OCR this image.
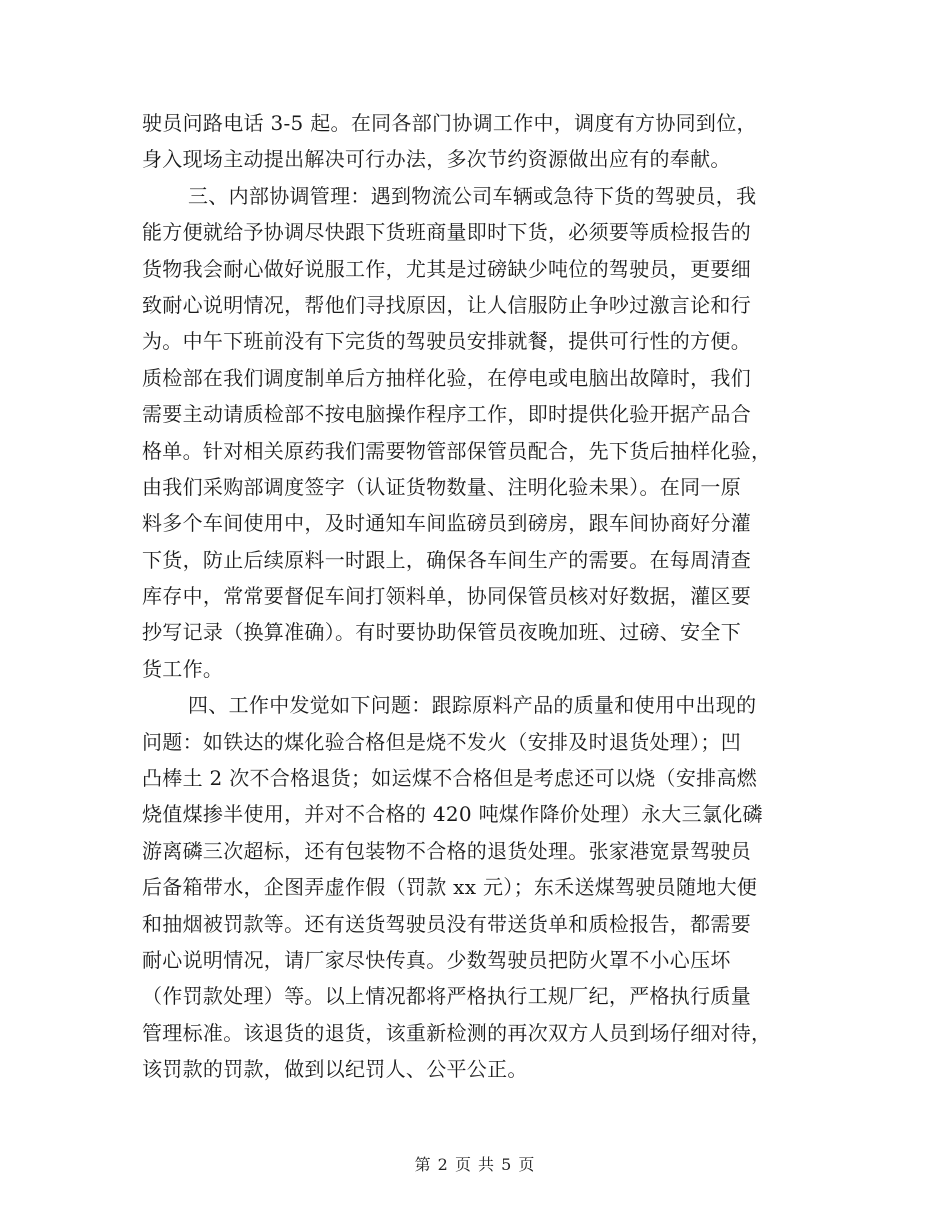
驶员问路电话 3-5 起。在同各部门协调工作中，调度有方协同到位，
身入现场主动提出解决可行办法，多次节约资源做出应有的奉献。
三、内部协调管理：遇到物流公司车辆或急待下货的驾驶员，我
能方便就给予协调尽快跟下货班商量即时下货，必须要等质检报告的
货物我会耐心做好说服工作，尤其是过磅缺少吨位的驾驶员，更要细
致耐心说明情况，帮他们寻找原因，让人信服防止争吵过激言论和行
为。中午下班前没有下完货的驾驶员安排就餐，提供可行性的方便。
质检部在我们调度制单后方抽样化验，在停电或电脑出故障时，我们
需要主动请质检部不按电脑操作程序工作，即时提供化验开据产品合
格单。针对相关原药我们需要物管部保管员配合，先下货后抽样化验，
由我们采购部调度签字（认证货物数量、注明化验未果）。在同一原
料多个车间使用中，及时通知车间监磅员到磅房，跟车间协商好分灌
下货，防止后续原料一时跟上，确保各车间生产的需要。在每周清查
库存中，常常要督促车间打领料单，协同保管员核对好数据，灌区要
抄写记录（换算准确）。有时要协助保管员夜晚加班、过磅、安全下
货工作。
四、工作中发觉如下问题：跟踪原料产品的质量和使用中出现的
问题：如铁达的煤化验合格但是烧不发火（安排及时退货处理）；凹
凸棒土 2 次不合格退货；如运煤不合格但是考虑还可以烧（安排高燃
烧值煤掺半使用，并对不合格的 420 吨煤作降价处理）永大三氯化磷
游离磷三次超标，还有包装物不合格的退货处理。张家港宽景驾驶员
后备箱带水，企图弄虚作假（罚款 xx 元）；东禾送煤驾驶员随地大便
和抽烟被罚款等。还有送货驾驶员没有带送货单和质检报告，都需要
耐心说明情况，请厂家尽快传真。少数驾驶员把防火罩不小心压坏
（作罚款处理）等。以上情况都将严格执行工规厂纪，严格执行质量
管理标准。该退货的退货，该重新检测的再次双方人员到场仔细对待，
该罚款的罚款，做到以纪罚人、公平公正。
第 2 页 共 5 页
